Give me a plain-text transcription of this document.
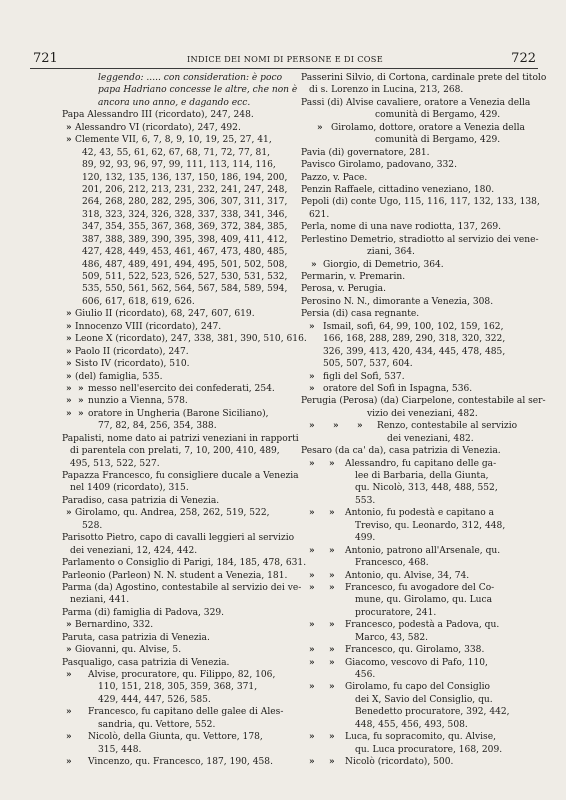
721	INDICE DEI NOMI DI PERSONE E DI COSE	722
leggendo: ..... con consideration: è poco
papa Hadriano concesse le altre, che non è
ancora uno anno, e dagando ecc.
Papa Alessandro III (ricordato), 247, 248.
» Alessandro VI (ricordato), 247, 492.
» Clemente VII, 6, 7, 8, 9, 10, 19, 25, 27, 41,
42, 43, 55, 61, 62, 67, 68, 71, 72, 77, 81,
89, 92, 93, 96, 97, 99, 111, 113, 114, 116,
120, 132, 135, 136, 137, 150, 186, 194, 200,
201, 206, 212, 213, 231, 232, 241, 247, 248,
264, 268, 280, 282, 295, 306, 307, 311, 317,
318, 323, 324, 326, 328, 337, 338, 341, 346,
347, 354, 355, 367, 368, 369, 372, 384, 385,
387, 388, 389, 390, 395, 398, 409, 411, 412,
427, 428, 449, 453, 461, 467, 473, 480, 485,
486, 487, 489, 491, 494, 495, 501, 502, 508,
509, 511, 522, 523, 526, 527, 530, 531, 532,
535, 550, 561, 562, 564, 567, 584, 589, 594,
606, 617, 618, 619, 626.
» Giulio II (ricordato), 68, 247, 607, 619.
» Innocenzo VIII (ricordato), 247.
» Leone X (ricordato), 247, 338, 381, 390, 510, 616.
» Paolo II (ricordato), 247.
» Sisto IV (ricordato), 510.
» (del) famiglia, 535.
» » messo nell'esercito dei confederati, 254.
» » nunzio a Vienna, 578.
» » oratore in Ungheria (Barone Siciliano),
77, 82, 84, 256, 354, 388.
Papalisti, nome dato ai patrizi veneziani in rapporti
di parentela con prelati, 7, 10, 200, 410, 489,
495, 513, 522, 527.
Papazza Francesco, fu consigliere ducale a Venezia
nel 1409 (ricordato), 315.
Paradiso, casa patrizia di Venezia.
» Girolamo, qu. Andrea, 258, 262, 519, 522,
528.
Parisotto Pietro, capo di cavalli leggieri al servizio
dei veneziani, 12, 424, 442.
Parlamento o Consiglio di Parigi, 184, 185, 478, 631.
Parleonio (Parleon) N. N. student a Venezia, 181.
Parma (da) Agostino, contestabile al servizio dei ve-
neziani, 441.
Parma (di) famiglia di Padova, 329.
» Bernardino, 332.
Paruta, casa patrizia di Venezia.
» Giovanni, qu. Alvise, 5.
Pasqualigo, casa patrizia di Venezia.
» Alvise, procuratore, qu. Filippo, 82, 106,
110, 151, 218, 305, 359, 368, 371,
429, 444, 447, 526, 585.
» Francesco, fu capitano delle galee di Ales-
sandria, qu. Vettore, 552.
» Nicolò, della Giunta, qu. Vettore, 178,
315, 448.
» Vincenzo, qu. Francesco, 187, 190, 458.
Passerini Silvio, di Cortona, cardinale prete del titolo
di s. Lorenzo in Lucina, 213, 268.
Passi (di) Alvise cavaliere, oratore a Venezia della
comunità di Bergamo, 429.
» Girolamo, dottore, oratore a Venezia della
comunità di Bergamo, 429.
Pavia (di) governatore, 281.
Pavisco Girolamo, padovano, 332.
Pazzo, v. Pace.
Penzin Raffaele, cittadino veneziano, 180.
Pepoli (di) conte Ugo, 115, 116, 117, 132, 133, 138,
621.
Perla, nome di una nave rodiotta, 137, 269.
Perlestino Demetrio, stradiotto al servizio dei vene-
ziani, 364.
» Giorgio, di Demetrio, 364.
Permarin, v. Premarin.
Perosa, v. Perugia.
Perosino N. N., dimorante a Venezia, 308.
Persia (di) casa regnante.
» Ismail, sofì, 64, 99, 100, 102, 159, 162,
166, 168, 288, 289, 290, 318, 320, 322,
326, 399, 413, 420, 434, 445, 478, 485,
505, 507, 537, 604.
» figli del Sofì, 537.
» oratore del Sofì in Ispagna, 536.
Perugia (Perosa) (da) Ciarpelone, contestabile al ser-
vizio dei veneziani, 482.
» » » Renzo, contestabile al servizio
dei veneziani, 482.
Pesaro (da ca' da), casa patrizia di Venezia.
» » Alessandro, fu capitano delle ga-
lee di Barbaria, della Giunta,
qu. Nicolò, 313, 448, 488, 552,
553.
» » Antonio, fu podestà e capitano a
Treviso, qu. Leonardo, 312, 448,
499.
» » Antonio, patrono all'Arsenale, qu.
Francesco, 468.
» » Antonio, qu. Alvise, 34, 74.
» » Francesco, fu avogadore del Co-
mune, qu. Girolamo, qu. Luca
procuratore, 241.
» » Francesco, podestà a Padova, qu.
Marco, 43, 582.
» » Francesco, qu. Girolamo, 338.
» » Giacomo, vescovo di Pafo, 110,
456.
» » Girolamo, fu capo del Consiglio
dei X, Savio del Consiglio, qu.
Benedetto procuratore, 392, 442,
448, 455, 456, 493, 508.
» » Luca, fu sopracomito, qu. Alvise,
qu. Luca procuratore, 168, 209.
» » Nicolò (ricordato), 500.
